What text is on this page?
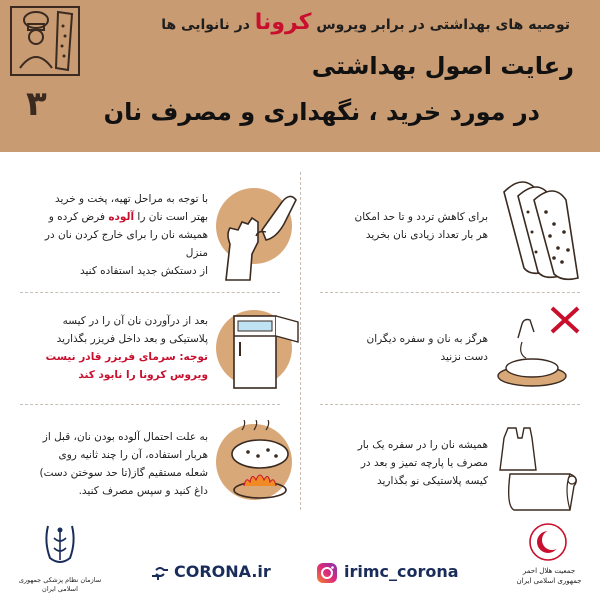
توصیه های بهداشتی در برابر ویروس کرونا در نانوایی ها
رعایت اصول بهداشتی
در مورد خرید ، نگهداری و مصرف نان
۳

با توجه به مراحل تهیه، پخت و خرید

بهتر است نان را آلوده فرض کرده و

همیشه نان را برای خارج کردن نان در منزل

از دستکش جدید استفاده کنید

برای کاهش تردد و تا حد امکان

هر بار تعداد زیادی نان بخرید

بعد از درآوردن نان آن را در کیسه

پلاستیکی و بعد داخل فریزر بگذارید

توجه: سرمای فریزر قادر نیست

ویروس کرونا را نابود کند

هرگز به نان و سفره دیگران

دست نزنید

به علت احتمال آلوده بودن نان، قبل از

هربار استفاده، آن را چند ثانیه روی

شعله مستقیم گاز(تا حد سوختن دست)

داغ کنید و سپس مصرف کنید.

همیشه نان را در سفره یک بار

مصرف یا پارچه تمیز و بعد در

کیسه پلاستیکی نو بگذارید

سازمان نظام پزشکی جمهوری اسلامی ایران
CORONA.ir	irimc_corona	جمعیت هلال احمر

جمهوری اسلامی ایران
